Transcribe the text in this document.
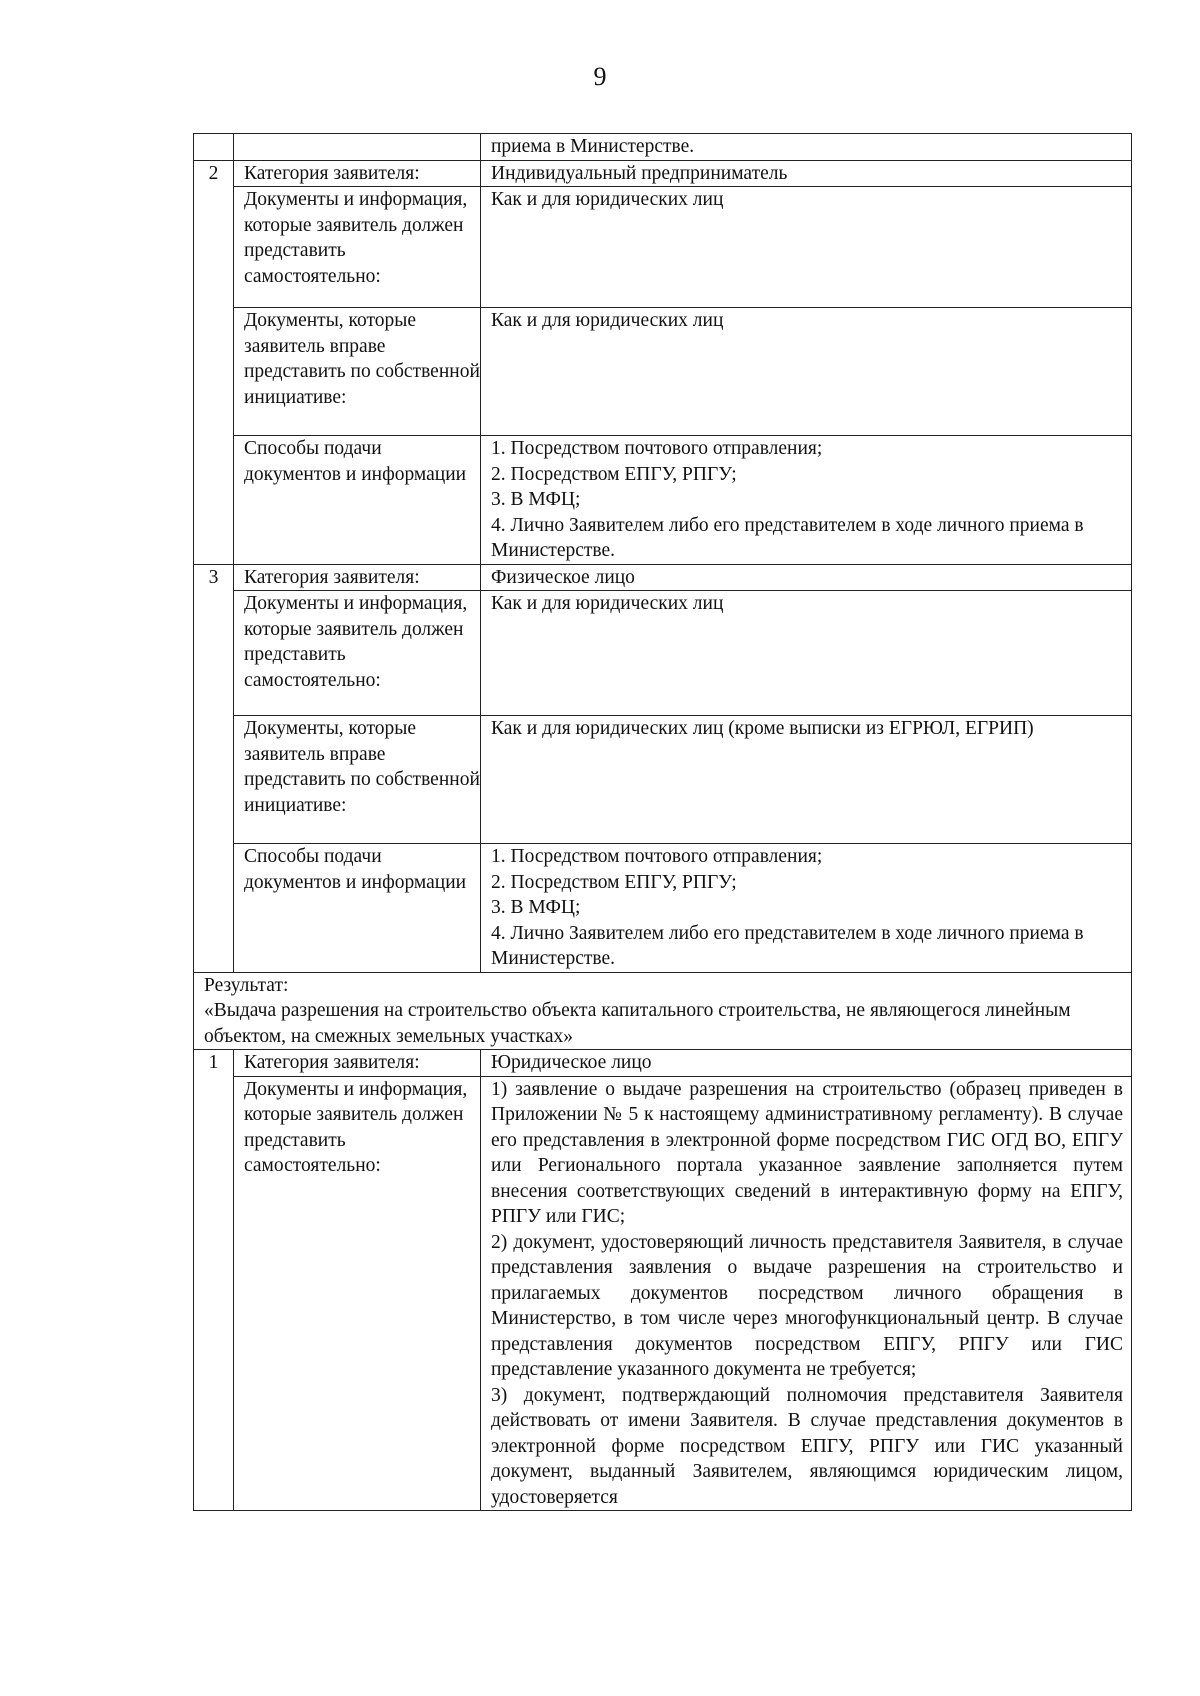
9
		приема в Министерстве.
2	Категория заявителя:	Индивидуальный предприниматель
	Документы и информация, которые заявитель должен представить самостоятельно:	Как и для юридических лиц
	Документы, которые заявитель вправе представить по собственной инициативе:	Как и для юридических лиц
	Способы подачи документов и информации	1. Посредством почтового отправления;
2. Посредством ЕПГУ, РПГУ;
3. В МФЦ;
4. Лично Заявителем либо его представителем в ходе личного приема в Министерстве.

3	Категория заявителя:	Физическое лицо
	Документы и информация, которые заявитель должен представить самостоятельно:	Как и для юридических лиц
	Документы, которые заявитель вправе представить по собственной инициативе:	Как и для юридических лиц (кроме выписки из ЕГРЮЛ, ЕГРИП)
	Способы подачи документов и информации	1. Посредством почтового отправления;
2. Посредством ЕПГУ, РПГУ;
3. В МФЦ;
4. Лично Заявителем либо его представителем в ходе личного приема в Министерстве.

Результат:
«Выдача разрешения на строительство объекта капитального строительства, не являющегося линейным объектом, на смежных земельных участках»		

1	Категория заявителя:	Юридическое лицо
	Документы и информация, которые заявитель должен представить самостоятельно:	1) заявление о выдаче разрешения на строительство (образец приведен в Приложении № 5 к настоящему административному регламенту). В случае его представления в электронной форме посредством ГИС ОГД ВО, ЕПГУ или Регионального портала указанное заявление заполняется путем внесения соответствующих сведений в интерактивную форму на ЕПГУ, РПГУ или ГИС;
2) документ, удостоверяющий личность представителя Заявителя, в случае представления заявления о выдаче разрешения на строительство и прилагаемых документов посредством личного обращения в Министерство, в том числе через многофункциональный центр. В случае представления документов посредством ЕПГУ, РПГУ или ГИС представление указанного документа не требуется;
3) документ, подтверждающий полномочия представителя Заявителя действовать от имени Заявителя. В случае представления документов в электронной форме посредством ЕПГУ, РПГУ или ГИС указанный документ, выданный Заявителем, являющимся юридическим лицом, удостоверяется
